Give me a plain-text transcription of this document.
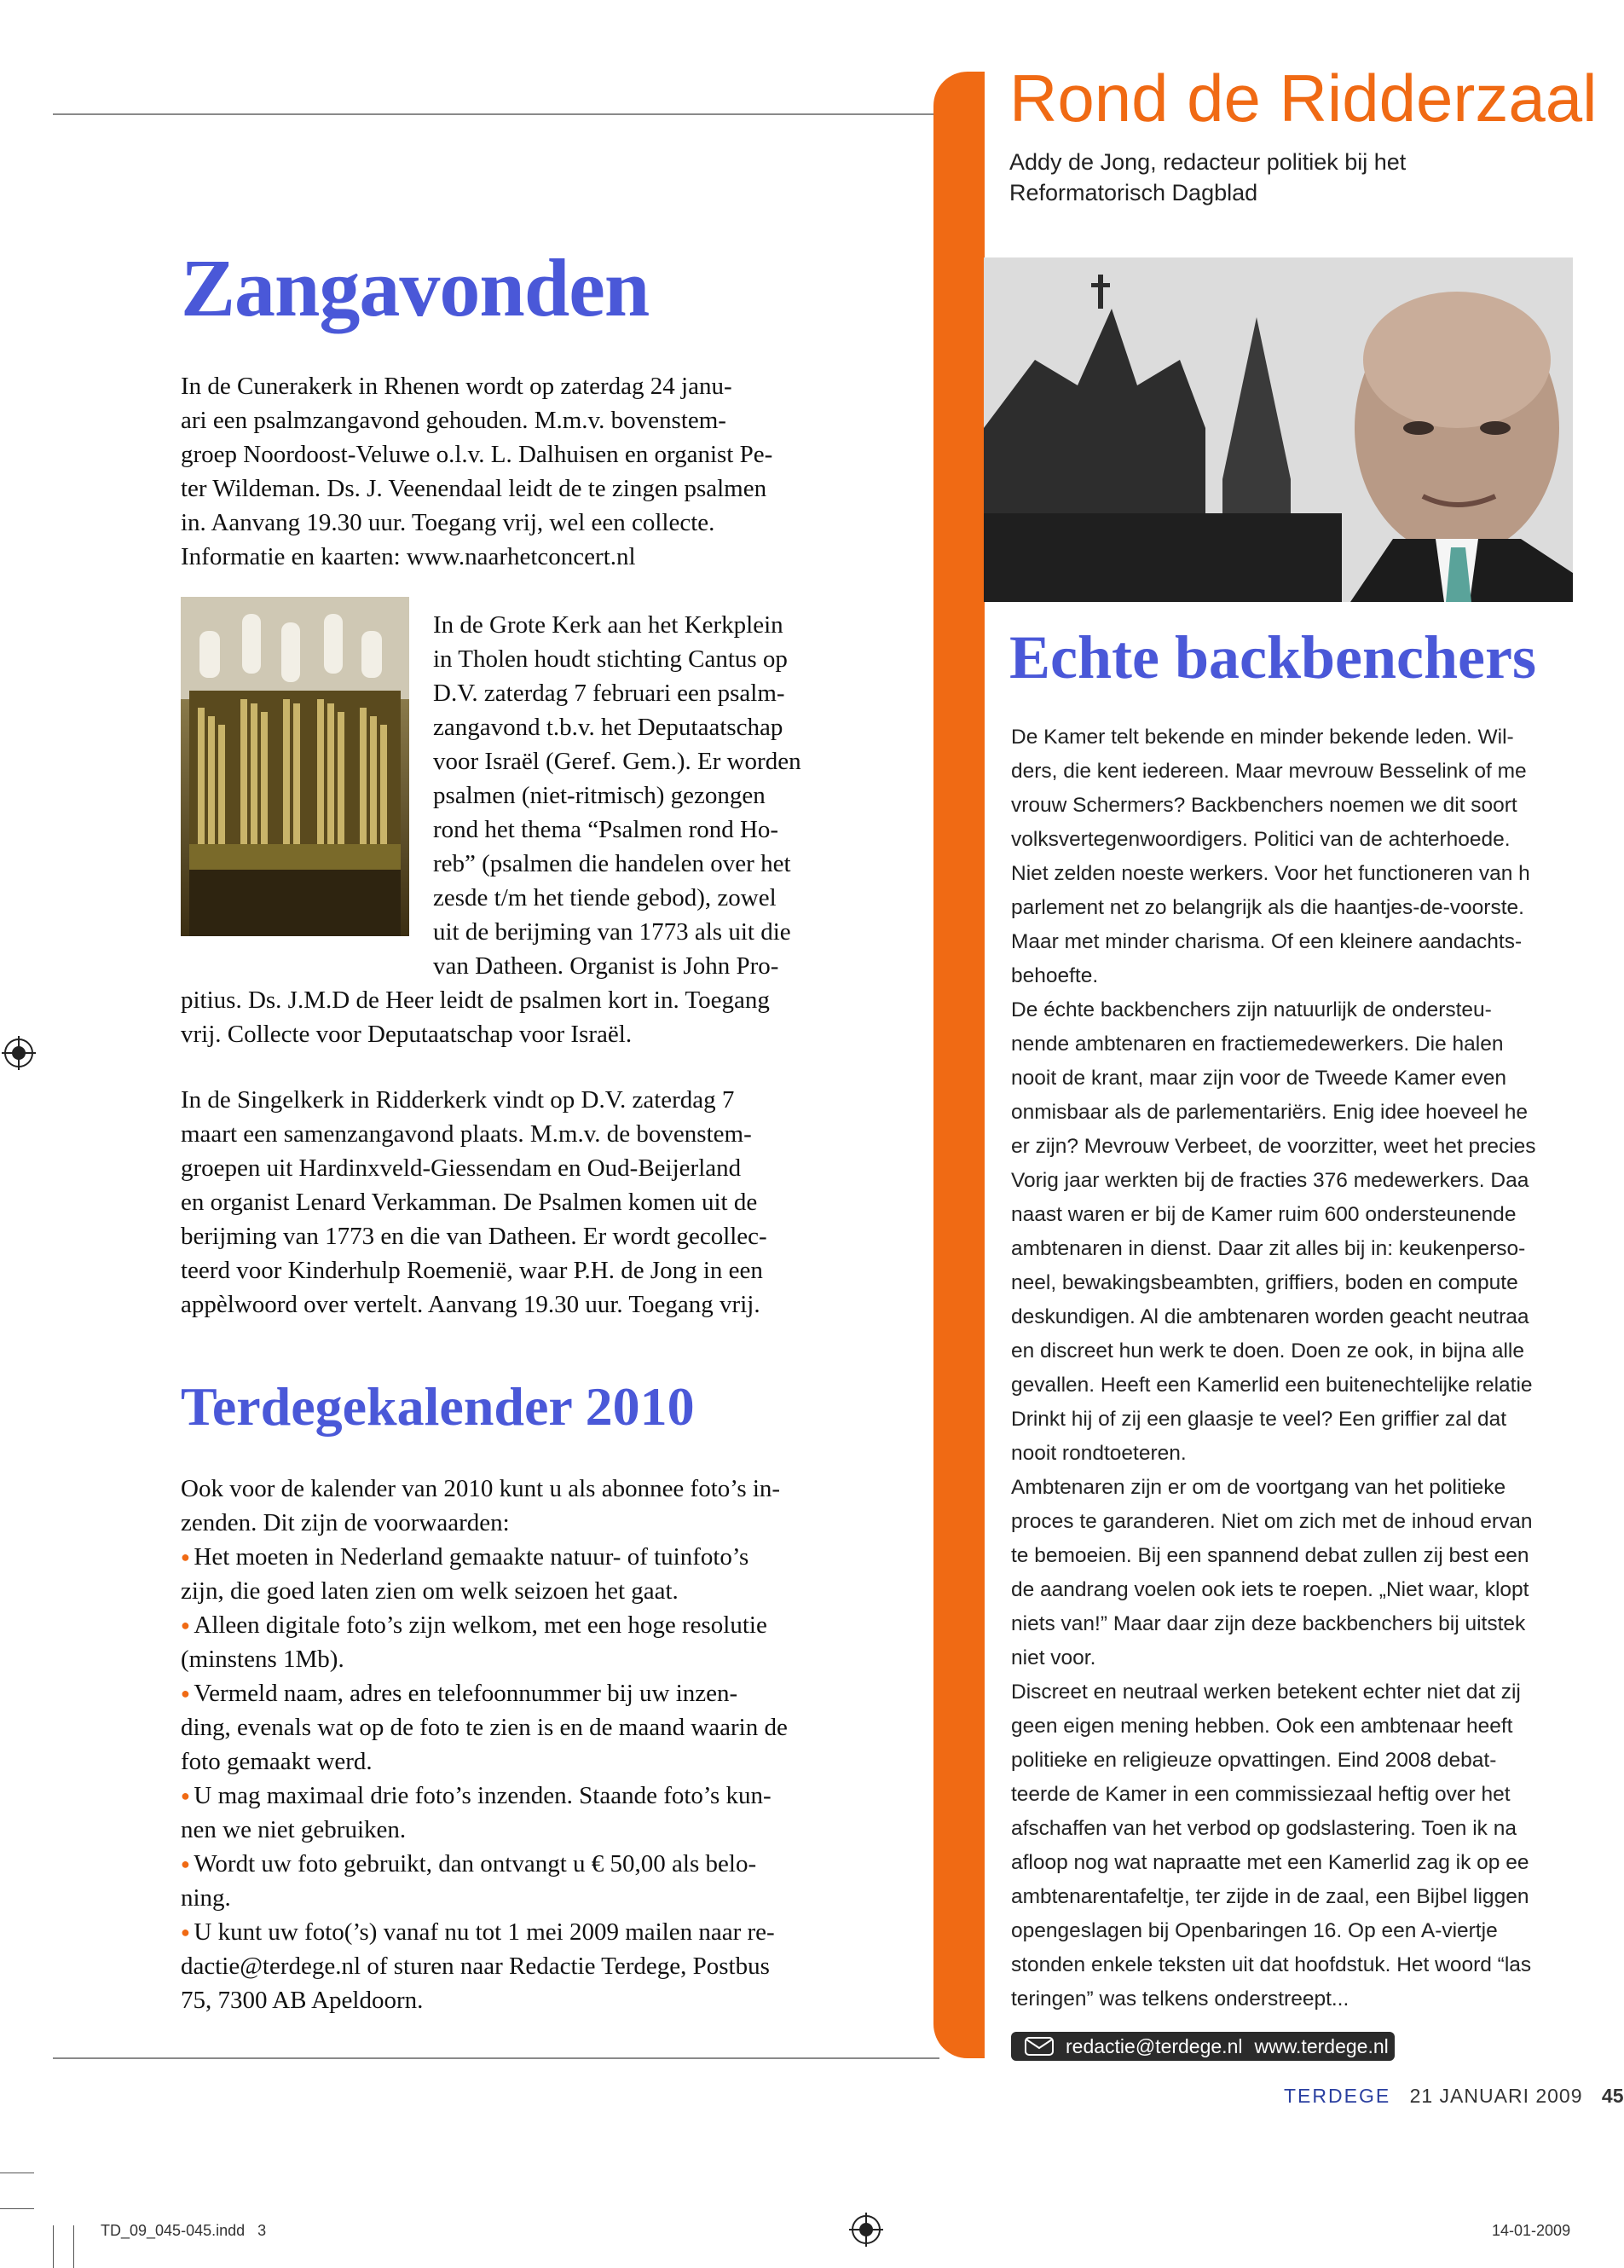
Zangavonden
In de Cunerakerk in Rhenen wordt op zaterdag 24 janu-
ari een psalmzangavond gehouden. M.m.v. bovenstem-
groep Noordoost-Veluwe o.l.v. L. Dalhuisen en organist Pe-
ter Wildeman. Ds. J. Veenendaal leidt de te zingen psalmen
in. Aanvang 19.30 uur. Toegang vrij, wel een collecte.
Informatie en kaarten: www.naarhetconcert.nl
In de Grote Kerk aan het Kerkplein
in Tholen houdt stichting Cantus op
D.V. zaterdag 7 februari een psalm-
zangavond t.b.v. het Deputaatschap
voor Israël (Geref. Gem.). Er worden
psalmen (niet-ritmisch) gezongen
rond het thema “Psalmen rond Ho-
reb” (psalmen die handelen over het
zesde t/m het tiende gebod), zowel
uit de berijming van 1773 als uit die
van Datheen. Organist is John Pro-
pitius. Ds. J.M.D de Heer leidt de psalmen kort in. Toegang
vrij. Collecte voor Deputaatschap voor Israël.
In de Singelkerk in Ridderkerk vindt op D.V. zaterdag 7
maart een samenzangavond plaats. M.m.v. de bovenstem-
groepen uit Hardinxveld-Giessendam en Oud-Beijerland
en organist Lenard Verkamman. De Psalmen komen uit de
berijming van 1773 en die van Datheen. Er wordt gecollec-
teerd voor Kinderhulp Roemenië, waar P.H. de Jong in een
appèlwoord over vertelt. Aanvang 19.30 uur. Toegang vrij.
Terdegekalender 2010
Ook voor de kalender van 2010 kunt u als abonnee foto’s in-
zenden. Dit zijn de voorwaarden:
● Het moeten in Nederland gemaakte natuur- of tuinfoto’s
zijn, die goed laten zien om welk seizoen het gaat.
● Alleen digitale foto’s zijn welkom, met een hoge resolutie
(minstens 1Mb).
● Vermeld naam, adres en telefoonnummer bij uw inzen-
ding, evenals wat op de foto te zien is en de maand waarin de
foto gemaakt werd.
● U mag maximaal drie foto’s inzenden. Staande foto’s kun-
nen we niet gebruiken.
● Wordt uw foto gebruikt, dan ontvangt u € 50,00 als belo-
ning.
● U kunt uw foto(’s) vanaf nu tot 1 mei 2009 mailen naar re-
dactie@terdege.nl of sturen naar Redactie Terdege, Postbus
75, 7300 AB Apeldoorn.
Rond de Ridderzaal
Addy de Jong, redacteur politiek bij het
Reformatorisch Dagblad
Echte backbenchers
De Kamer telt bekende en minder bekende leden. Wil-
ders, die kent iedereen. Maar mevrouw Besselink of me
vrouw Schermers? Backbenchers noemen we dit soort
volksvertegenwoordigers. Politici van de achterhoede.
Niet zelden noeste werkers. Voor het functioneren van h
parlement net zo belangrijk als die haantjes-de-voorste.
Maar met minder charisma. Of een kleinere aandachts-
behoefte.
De échte backbenchers zijn natuurlijk de ondersteu-
nende ambtenaren en fractiemedewerkers. Die halen
nooit de krant, maar zijn voor de Tweede Kamer even
onmisbaar als de parlementariërs. Enig idee hoeveel he
er zijn? Mevrouw Verbeet, de voorzitter, weet het precies
Vorig jaar werkten bij de fracties 376 medewerkers. Daa
naast waren er bij de Kamer ruim 600 ondersteunende
ambtenaren in dienst. Daar zit alles bij in: keukenperso-
neel, bewakingsbeambten, griffiers, boden en compute
deskundigen. Al die ambtenaren worden geacht neutraa
en discreet hun werk te doen. Doen ze ook, in bijna alle
gevallen. Heeft een Kamerlid een buitenechtelijke relatie
Drinkt hij of zij een glaasje te veel? Een griffier zal dat
nooit rondtoeteren.
Ambtenaren zijn er om de voortgang van het politieke
proces te garanderen. Niet om zich met de inhoud ervan
te bemoeien. Bij een spannend debat zullen zij best een
de aandrang voelen ook iets te roepen. „Niet waar, klopt
niets van!” Maar daar zijn deze backbenchers bij uitstek
niet voor.
Discreet en neutraal werken betekent echter niet dat zij
geen eigen mening hebben. Ook een ambtenaar heeft
politieke en religieuze opvattingen. Eind 2008 debat-
teerde de Kamer in een commissiezaal heftig over het
afschaffen van het verbod op godslastering. Toen ik na
afloop nog wat napraatte met een Kamerlid zag ik op ee
ambtenarentafeltje, ter zijde in de zaal, een Bijbel liggen
opengeslagen bij Openbaringen 16. Op een A-viertje
stonden enkele teksten uit dat hoofdstuk. Het woord “las
teringen” was telkens onderstreept...
redactie@terdege.nl www.terdege.nl
TERDEGE 21 JANUARI 2009 45
TD_09_045-045.indd   3	14-01-2009
